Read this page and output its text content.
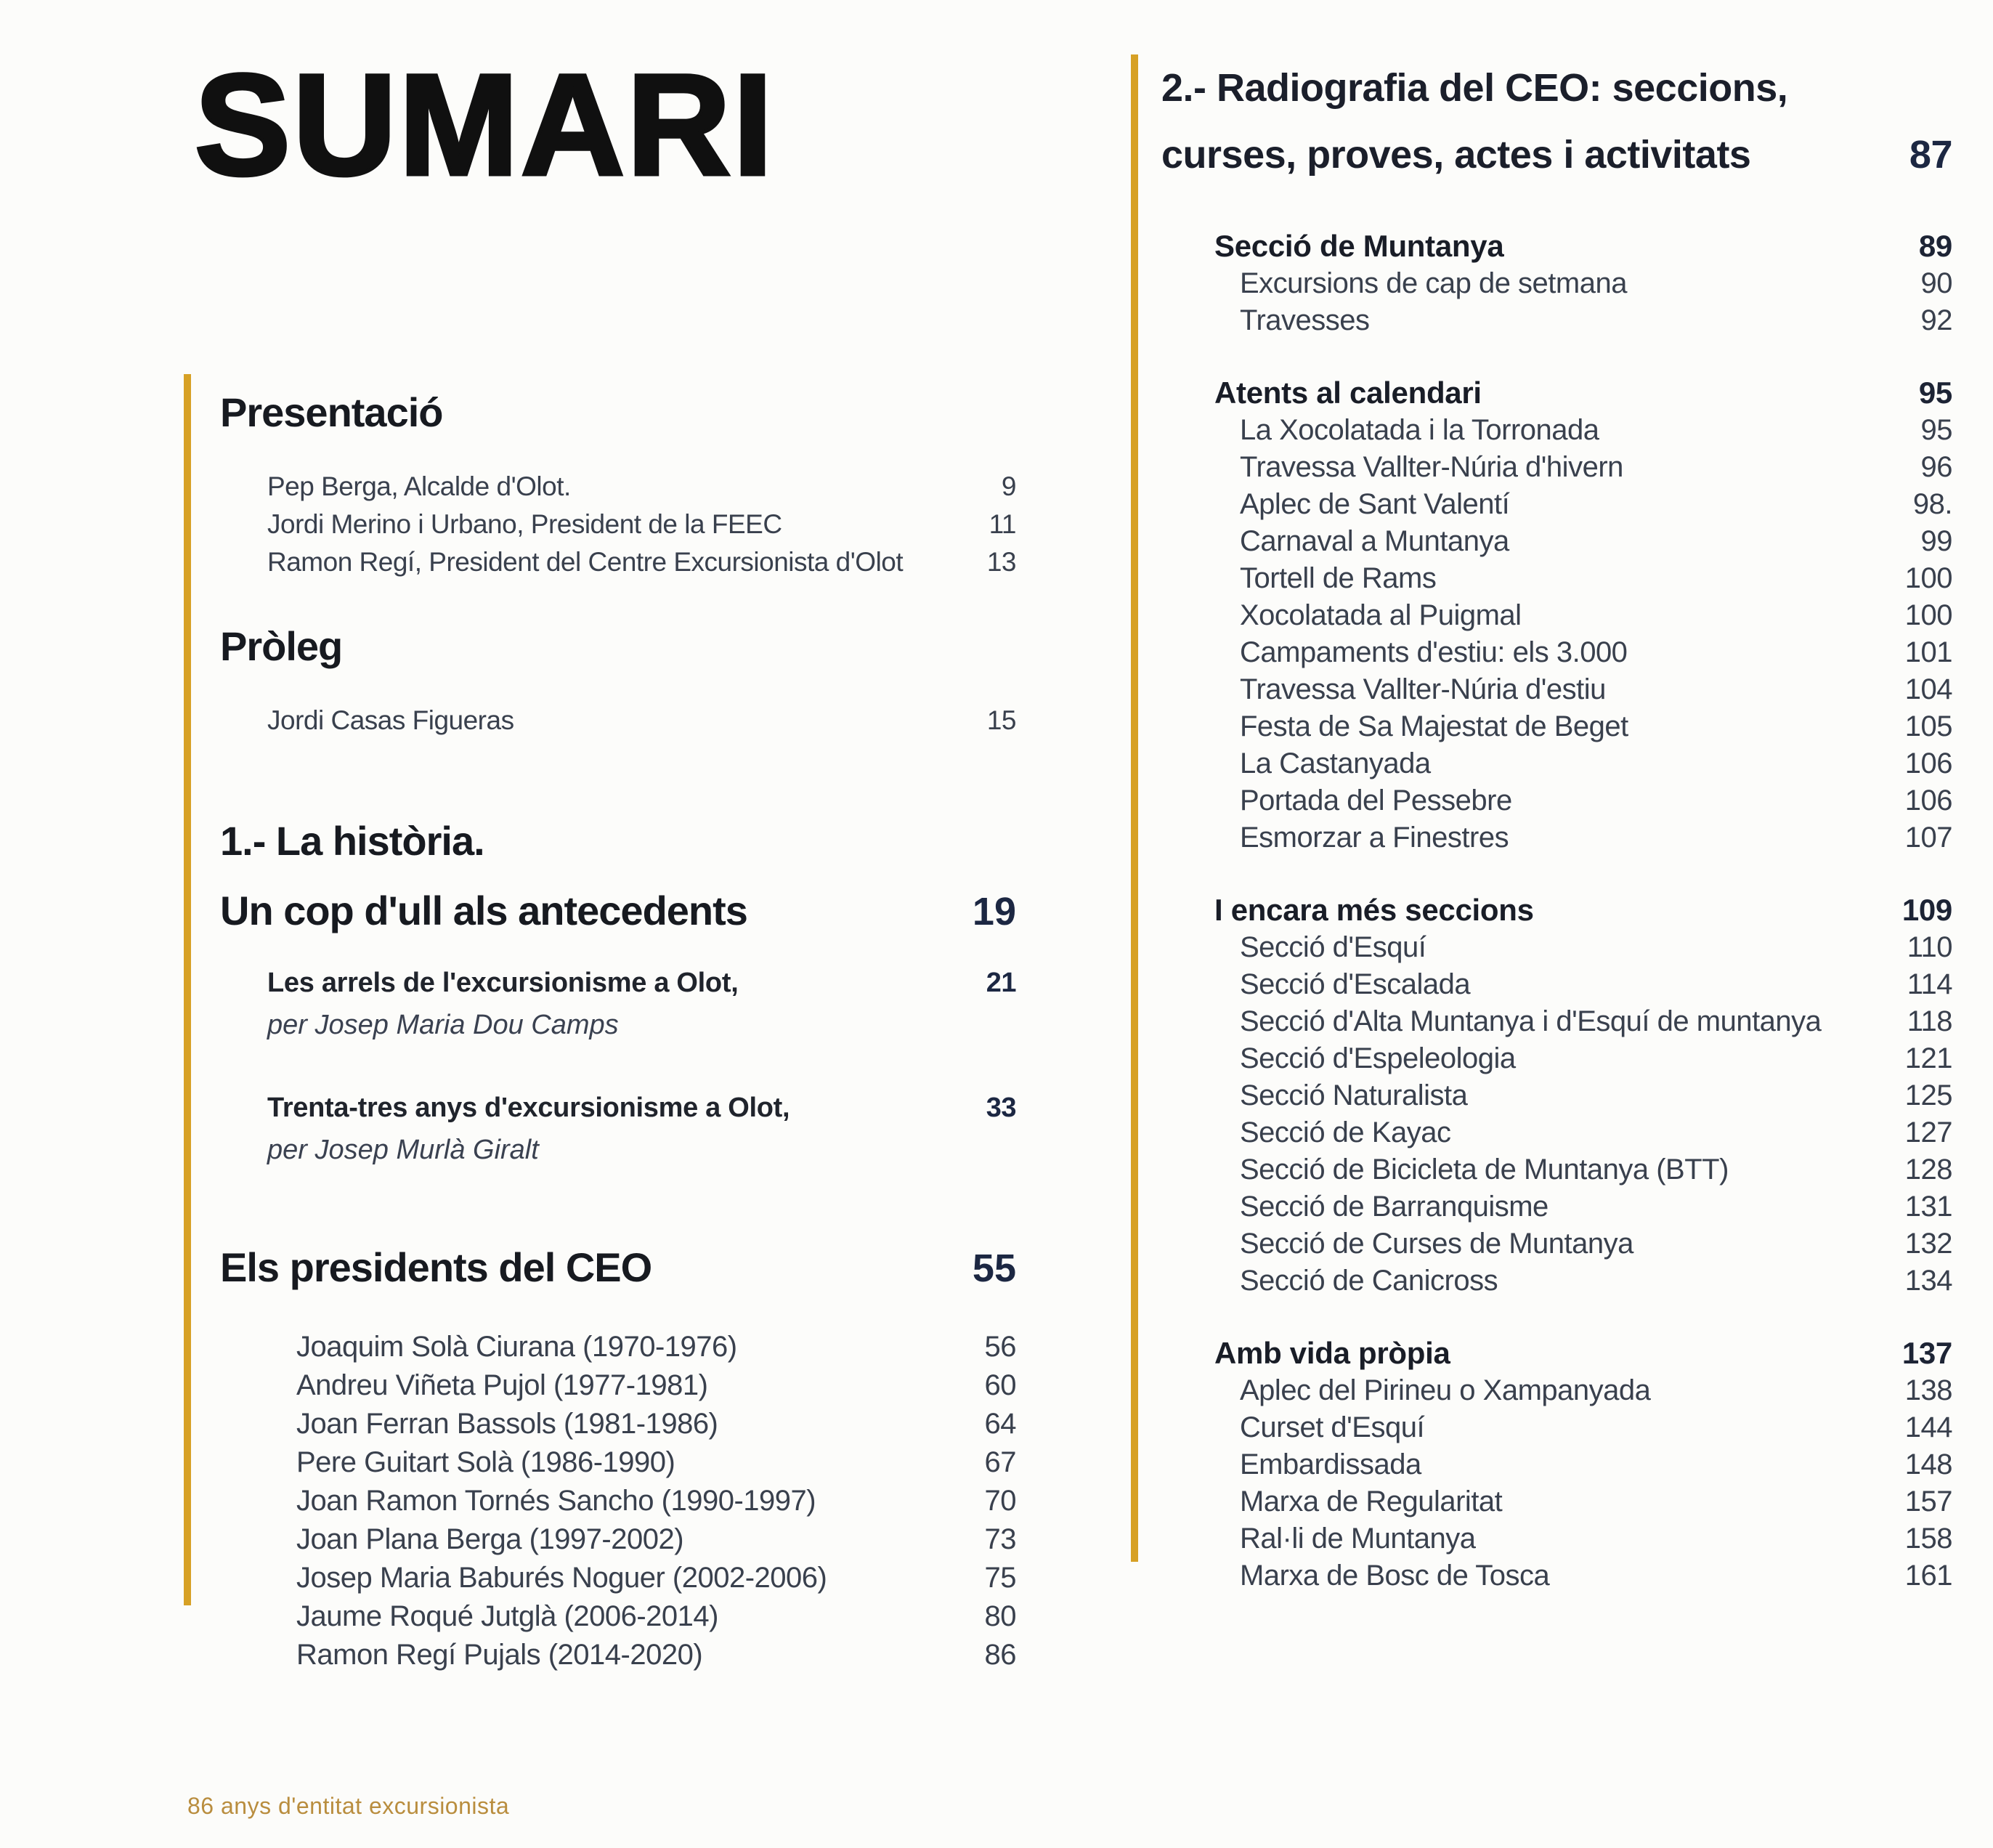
SUMARI
Presentació
Pep Berga, Alcalde d'Olot.	9
Jordi Merino i Urbano, President de la FEEC	11
Ramon Regí, President del Centre Excursionista d'Olot	13
Pròleg
Jordi Casas Figueras	15
1.- La història.
Un cop d'ull als antecedents	19
Les arrels de l'excursionisme a Olot,	21
per Josep Maria Dou Camps
Trenta-tres anys d'excursionisme a Olot,	33
per Josep Murlà Giralt
Els presidents del CEO	55
Joaquim Solà Ciurana (1970-1976)	56
Andreu Viñeta Pujol (1977-1981)	60
Joan Ferran Bassols (1981-1986)	64
Pere Guitart Solà (1986-1990)	67
Joan Ramon Tornés Sancho (1990-1997)	70
Joan Plana Berga (1997-2002)	73
Josep Maria Baburés Noguer (2002-2006)	75
Jaume Roqué Jutglà (2006-2014)	80
Ramon Regí Pujals (2014-2020)	86
2.- Radiografia del CEO: seccions,
curses, proves, actes i activitats	87
Secció de Muntanya	89
Excursions de cap de setmana	90
Travesses	92
Atents al calendari	95
La Xocolatada i la Torronada	95
Travessa Vallter-Núria d'hivern	96
Aplec de Sant Valentí	98.
Carnaval a Muntanya	99
Tortell de Rams	100
Xocolatada al Puigmal	100
Campaments d'estiu: els 3.000	101
Travessa Vallter-Núria d'estiu	104
Festa de Sa Majestat de Beget	105
La Castanyada	106
Portada del Pessebre	106
Esmorzar a Finestres	107
I encara més seccions	109
Secció d'Esquí	110
Secció d'Escalada	114
Secció d'Alta Muntanya i d'Esquí de muntanya	118
Secció d'Espeleologia	121
Secció Naturalista	125
Secció de Kayac	127
Secció de Bicicleta de Muntanya (BTT)	128
Secció de Barranquisme	131
Secció de Curses de Muntanya	132
Secció de Canicross	134
Amb vida pròpia	137
Aplec del Pirineu o Xampanyada	138
Curset d'Esquí	144
Embardissada	148
Marxa de Regularitat	157
Ral·li de Muntanya	158
Marxa de Bosc de Tosca	161
86 anys d'entitat excursionista
